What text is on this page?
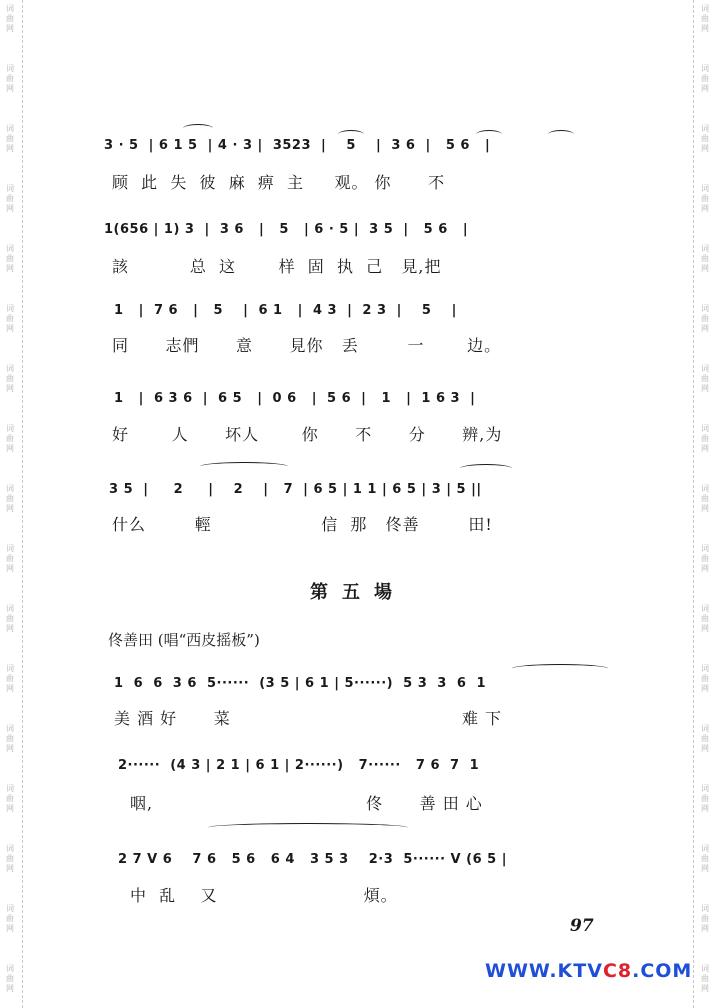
词
曲
网
词
曲
网
词
曲
网
词
曲
网
词
曲
网
词
曲
网
词
曲
网
词
曲
网
词
曲
网
词
曲
网
词
曲
网
词
曲
网
词
曲
网
词
曲
网
词
曲
网
词
曲
网
词
曲
网
词
曲
网
词
曲
网
词
曲
网
词
曲
网
词
曲
网
词
曲
网
词
曲
网
词
曲
网
词
曲
网
词
曲
网
词
曲
网
词
曲
网
词
曲
网
词
曲
网
词
曲
网
词
曲
网
词
曲
网
3 · 5  | 6 1 5  | 4 · 3 |  3523  |    5    |  3 6  |   5 6   |
顾  此  失  彼  麻  痹  主     观。 你      不
1(656 | 1) 3  |  3 6   |   5   | 6 · 5 |  3 5  |   5 6   |
該          总  这       样  固  执  己   見,把
1   |  7 6   |   5    |  6 1   |  4 3  |  2 3  |    5    |
同      志們      意      見你   丢        一       边。
1   |  6 3 6  |  6 5   |  0 6   |  5 6  |   1   |  1 6 3  |
好       人      坏人       你      不      分      辨,为
3 5  |     2     |    2    |   7  | 6 5 | 1 1 | 6 5 | 3 | 5 ||
什么        輕                  信  那   佟善        田!
第五場
佟善田 (唱“西皮摇板”)
1  6  6  3 6  5······  (3 5 | 6 1 | 5······)  5 3  3  6  1
美 酒 好      菜                                      难 下
2······  (4 3 | 2 1 | 6 1 | 2······)   7······   7 6  7  1
咽,                                   佟      善 田 心
2 7 V 6    7 6   5 6   6 4   3 5 3    2·3  5······ V (6 5 |
中  乱    又                        煩。
97
WWW.KTVC8.COM
